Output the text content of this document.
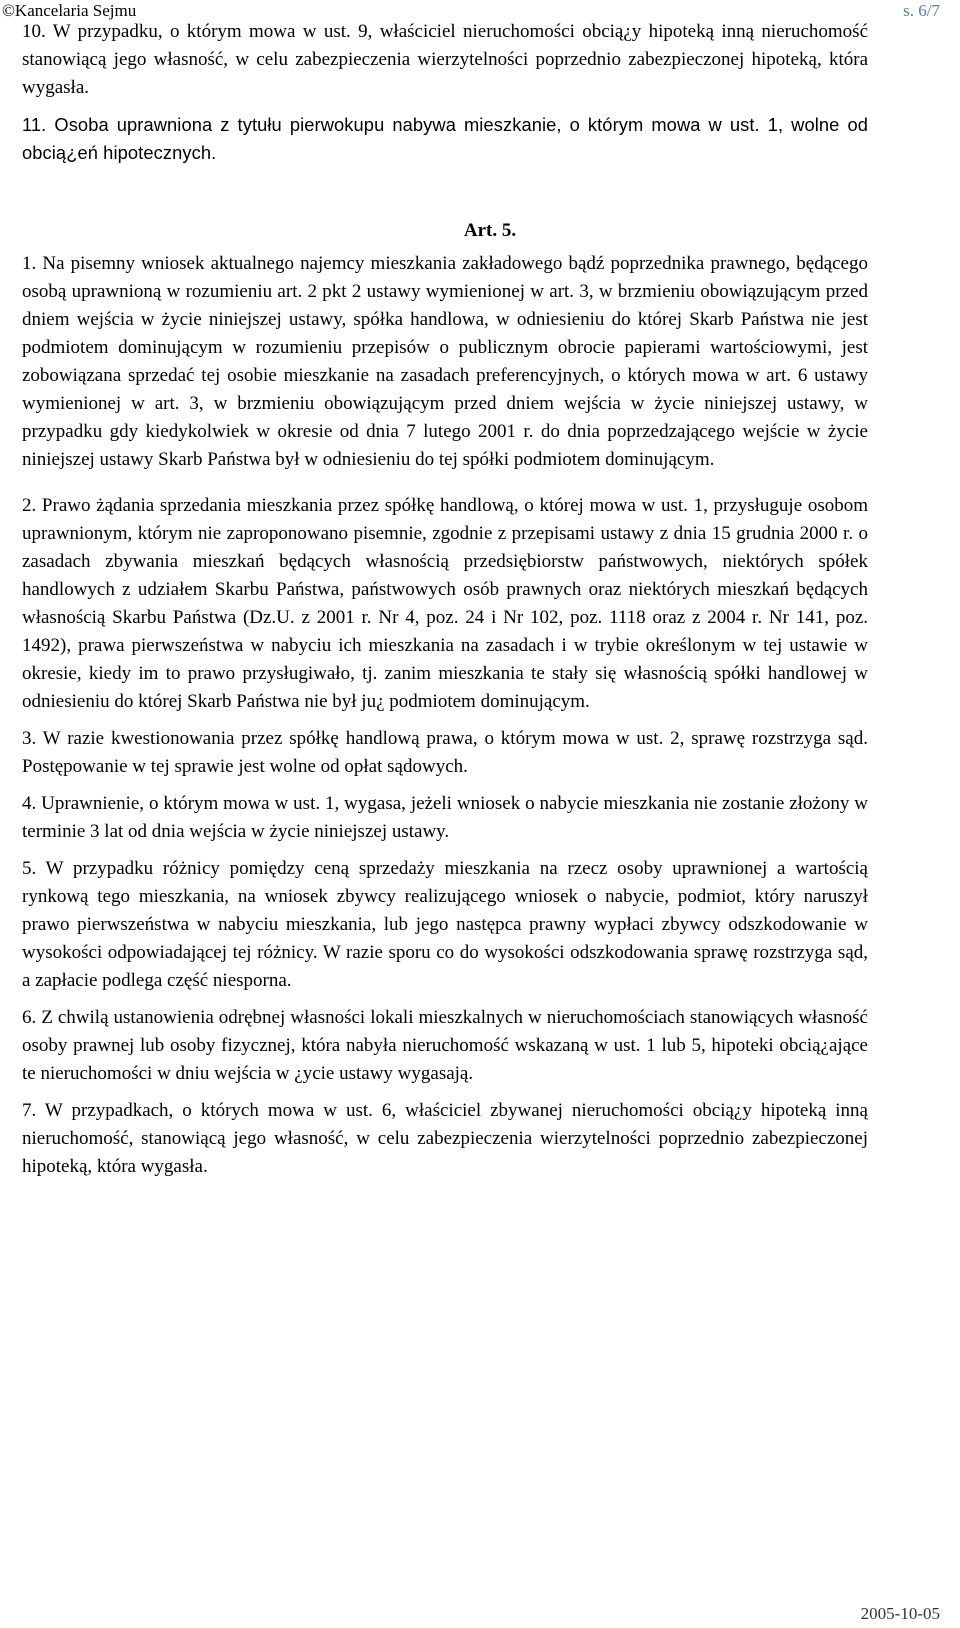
©Kancelaria Sejmu	s. 6/7

10. W przypadku, o którym mowa w ust. 9, właściciel nieruchomości obcią¿y hipoteką inną nieruchomość stanowiącą jego własność, w celu zabezpieczenia wierzytelności poprzednio zabezpieczonej hipoteką, która wygasła.

11. Osoba uprawniona z tytułu pierwokupu nabywa mieszkanie, o którym mowa w ust. 1, wolne od obcią¿eń hipotecznych.

Art. 5.

1. Na pisemny wniosek aktualnego najemcy mieszkania zakładowego bądź poprzednika prawnego, będącego osobą uprawnioną w rozumieniu art. 2 pkt 2 ustawy wymienionej w art. 3, w brzmieniu obowiązującym przed dniem wejścia w życie niniejszej ustawy, spółka handlowa, w odniesieniu do której Skarb Państwa nie jest podmiotem dominującym w rozumieniu przepisów o publicznym obrocie papierami wartościowymi, jest zobowiązana sprzedać tej osobie mieszkanie na zasadach preferencyjnych, o których mowa w art. 6 ustawy wymienionej w art. 3, w brzmieniu obowiązującym przed dniem wejścia w życie niniejszej ustawy, w przypadku gdy kiedykolwiek w okresie od dnia 7 lutego 2001 r. do dnia poprzedzającego wejście w życie niniejszej ustawy Skarb Państwa był w odniesieniu do tej spółki podmiotem dominującym.

2. Prawo żądania sprzedania mieszkania przez spółkę handlową, o której mowa w ust. 1, przysługuje osobom uprawnionym, którym nie zaproponowano pisemnie, zgodnie z przepisami ustawy z dnia 15 grudnia 2000 r. o zasadach zbywania mieszkań będących własnością przedsiębiorstw państwowych, niektórych spółek handlowych z udziałem Skarbu Państwa, państwowych osób prawnych oraz niektórych mieszkań będących własnością Skarbu Państwa (Dz.U. z 2001 r. Nr 4, poz. 24 i Nr 102, poz. 1118 oraz z 2004 r. Nr 141, poz. 1492), prawa pierwszeństwa w nabyciu ich mieszkania na zasadach i w trybie określonym w tej ustawie w okresie, kiedy im to prawo przysługiwało, tj. zanim mieszkania te stały się własnością spółki handlowej w odniesieniu do której Skarb Państwa nie był ju¿ podmiotem dominującym.

3. W razie kwestionowania przez spółkę handlową prawa, o którym mowa w ust. 2, sprawę rozstrzyga sąd. Postępowanie w tej sprawie jest wolne od opłat sądowych.

4. Uprawnienie, o którym mowa w ust. 1, wygasa, jeżeli wniosek o nabycie mieszkania nie zostanie złożony w terminie 3 lat od dnia wejścia w życie niniejszej ustawy.

5. W przypadku różnicy pomiędzy ceną sprzedaży mieszkania na rzecz osoby uprawnionej a wartością rynkową tego mieszkania, na wniosek zbywcy realizującego wniosek o nabycie, podmiot, który naruszył prawo pierwszeństwa w nabyciu mieszkania, lub jego następca prawny wypłaci zbywcy odszkodowanie w wysokości odpowiadającej tej różnicy. W razie sporu co do wysokości odszkodowania sprawę rozstrzyga sąd, a zapłacie podlega część niesporna.

6. Z chwilą ustanowienia odrębnej własności lokali mieszkalnych w nieruchomościach stanowiących własność osoby prawnej lub osoby fizycznej, która nabyła nieruchomość wskazaną w ust. 1 lub 5, hipoteki obcią¿ające te nieruchomości w dniu wejścia w ¿ycie ustawy wygasają.

7. W przypadkach, o których mowa w ust. 6, właściciel zbywanej nieruchomości obcią¿y hipoteką inną nieruchomość, stanowiącą jego własność, w celu zabezpieczenia wierzytelności poprzednio zabezpieczonej hipoteką, która wygasła.

2005-10-05
